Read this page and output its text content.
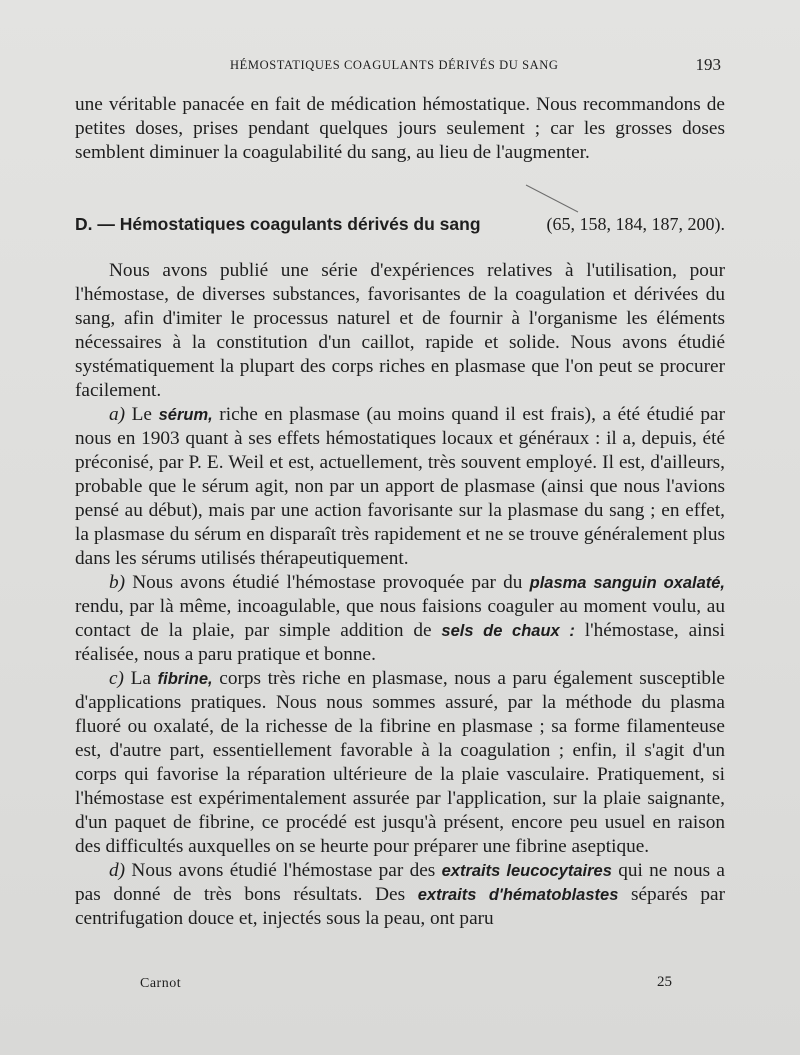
HÉMOSTATIQUES COAGULANTS DÉRIVÉS DU SANG	193

une véritable panacée en fait de médication hémostatique. Nous recommandons de petites doses, prises pendant quelques jours seulement ; car les grosses doses semblent diminuer la coagulabilité du sang, au lieu de l'augmenter.

D. — Hémostatiques coagulants dérivés du sang	(65, 158, 184, 187, 200).

Nous avons publié une série d'expériences relatives à l'utilisation, pour l'hémostase, de diverses substances, favorisantes de la coagulation et dérivées du sang, afin d'imiter le processus naturel et de fournir à l'organisme les éléments nécessaires à la constitution d'un caillot, rapide et solide. Nous avons étudié systématiquement la plupart des corps riches en plasmase que l'on peut se procurer facilement.

a) Le sérum, riche en plasmase (au moins quand il est frais), a été étudié par nous en 1903 quant à ses effets hémostatiques locaux et généraux : il a, depuis, été préconisé, par P. E. Weil et est, actuellement, très souvent employé. Il est, d'ailleurs, probable que le sérum agit, non par un apport de plasmase (ainsi que nous l'avions pensé au début), mais par une action favorisante sur la plasmase du sang ; en effet, la plasmase du sérum en disparaît très rapidement et ne se trouve généralement plus dans les sérums utilisés thérapeutiquement.

b) Nous avons étudié l'hémostase provoquée par du plasma sanguin oxalaté, rendu, par là même, incoagulable, que nous faisions coaguler au moment voulu, au contact de la plaie, par simple addition de sels de chaux : l'hémostase, ainsi réalisée, nous a paru pratique et bonne.

c) La fibrine, corps très riche en plasmase, nous a paru également susceptible d'applications pratiques. Nous nous sommes assuré, par la méthode du plasma fluoré ou oxalaté, de la richesse de la fibrine en plasmase ; sa forme filamenteuse est, d'autre part, essentiellement favorable à la coagulation ; enfin, il s'agit d'un corps qui favorise la réparation ultérieure de la plaie vasculaire. Pratiquement, si l'hémostase est expérimentalement assurée par l'application, sur la plaie saignante, d'un paquet de fibrine, ce procédé est jusqu'à présent, encore peu usuel en raison des difficultés auxquelles on se heurte pour préparer une fibrine aseptique.

d) Nous avons étudié l'hémostase par des extraits leucocytaires qui ne nous a pas donné de très bons résultats. Des extraits d'hématoblastes séparés par centrifugation douce et, injectés sous la peau, ont paru

Carnot	25
